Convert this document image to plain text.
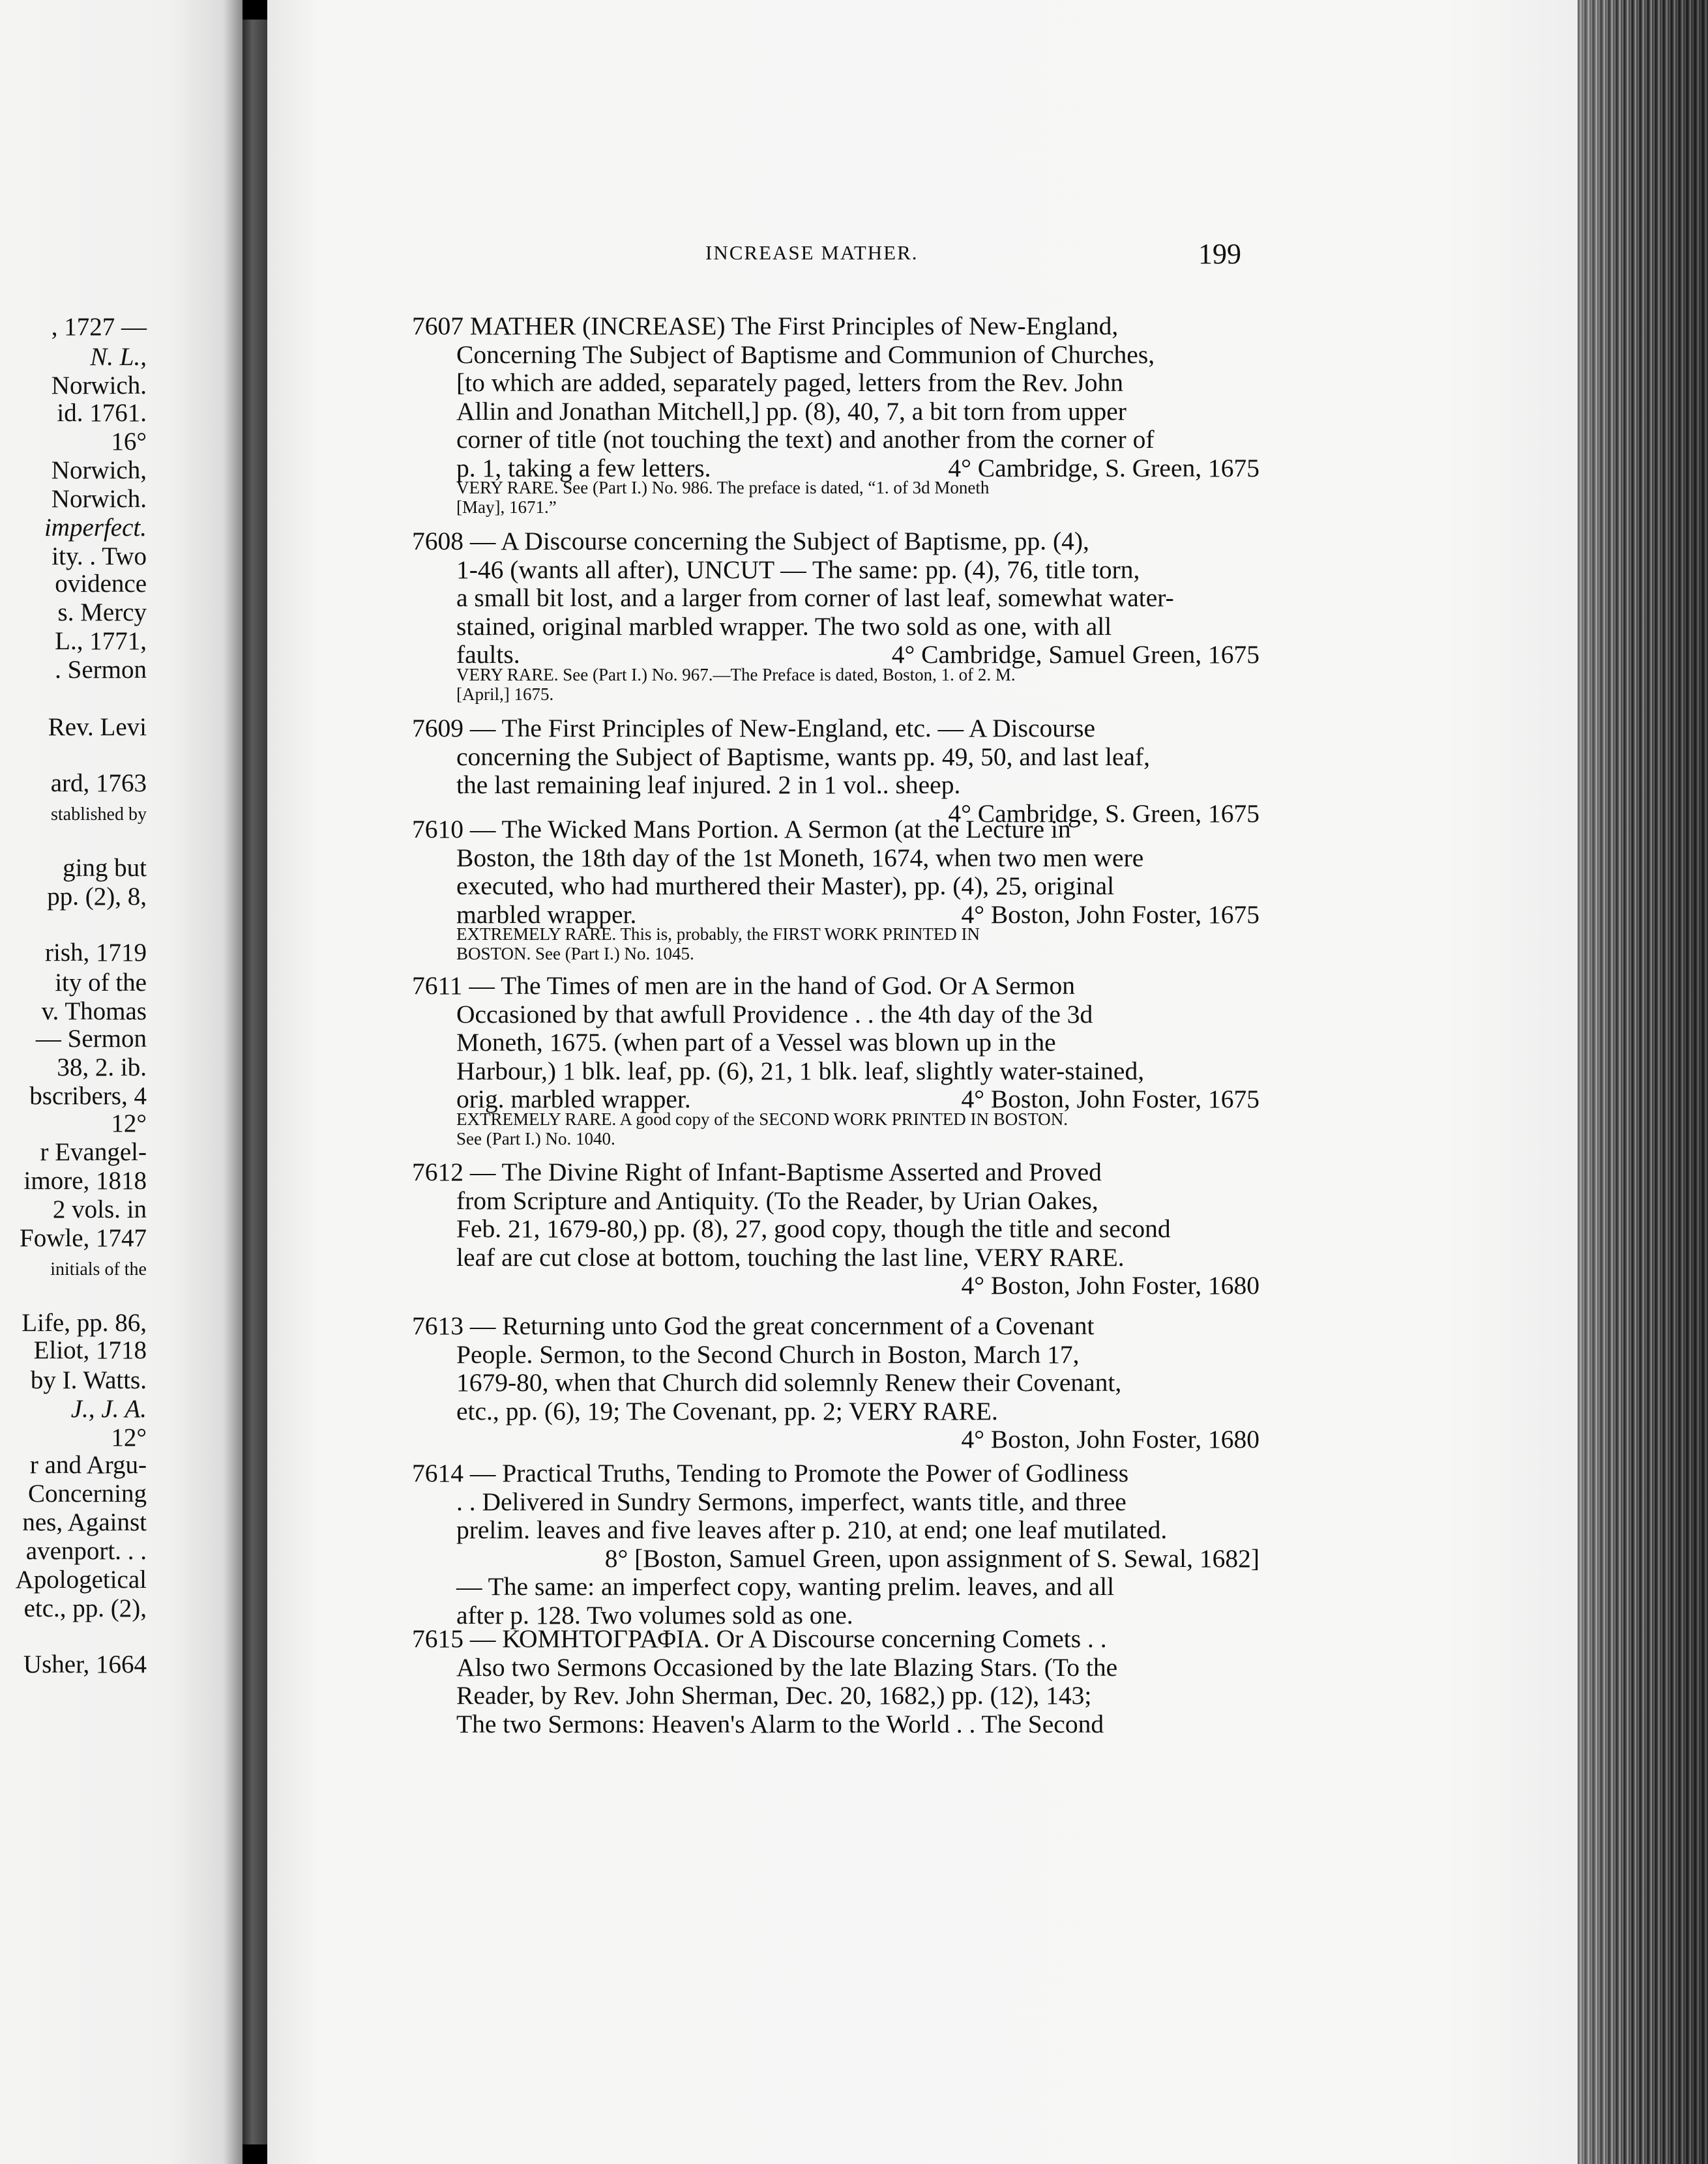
, 1727 —
N. L.,
Norwich.
id. 1761.
16°
Norwich,
Norwich.
imperfect.
ity. . Two
ovidence
s. Mercy
L., 1771,
. Sermon
Rev. Levi
ard, 1763
stablished by
ging but
pp. (2), 8,
rish, 1719
ity of the
v. Thomas
— Sermon
38, 2. ib.
bscribers, 4
12°
r Evangel-
imore, 1818
2 vols. in
Fowle, 1747
initials of the
Life, pp. 86,
Eliot, 1718
by I. Watts.
J., J. A.
12°
r and Argu-
Concerning
nes, Against
avenport. . .
Apologetical
etc., pp. (2),
Usher, 1664
INCREASE MATHER.	199
7607 MATHER (INCREASE) The First Principles of New-England,
Concerning The Subject of Baptisme and Communion of Churches,
[to which are added, separately paged, letters from the Rev. John
Allin and Jonathan Mitchell,] pp. (8), 40, 7, a bit torn from upper
corner of title (not touching the text) and another from the corner of
p. 1, taking a few letters.	4° Cambridge, S. Green, 1675
VERY RARE. See (Part I.) No. 986. The preface is dated, “1. of 3d Moneth
[May], 1671.”
7608 — A Discourse concerning the Subject of Baptisme, pp. (4),
1-46 (wants all after), UNCUT — The same: pp. (4), 76, title torn,
a small bit lost, and a larger from corner of last leaf, somewhat water-
stained, original marbled wrapper. The two sold as one, with all
faults.	4° Cambridge, Samuel Green, 1675
VERY RARE. See (Part I.) No. 967.—The Preface is dated, Boston, 1. of 2. M.
[April,] 1675.
7609 — The First Principles of New-England, etc. — A Discourse
concerning the Subject of Baptisme, wants pp. 49, 50, and last leaf,
the last remaining leaf injured. 2 in 1 vol.. sheep.
4° Cambridge, S. Green, 1675
7610 — The Wicked Mans Portion. A Sermon (at the Lecture in
Boston, the 18th day of the 1st Moneth, 1674, when two men were
executed, who had murthered their Master), pp. (4), 25, original
marbled wrapper.	4° Boston, John Foster, 1675
EXTREMELY RARE. This is, probably, the FIRST WORK PRINTED IN
BOSTON. See (Part I.) No. 1045.
7611 — The Times of men are in the hand of God. Or A Sermon
Occasioned by that awfull Providence . . the 4th day of the 3d
Moneth, 1675. (when part of a Vessel was blown up in the
Harbour,) 1 blk. leaf, pp. (6), 21, 1 blk. leaf, slightly water-stained,
orig. marbled wrapper.	4° Boston, John Foster, 1675
EXTREMELY RARE. A good copy of the SECOND WORK PRINTED IN BOSTON.
See (Part I.) No. 1040.
7612 — The Divine Right of Infant-Baptisme Asserted and Proved
from Scripture and Antiquity. (To the Reader, by Urian Oakes,
Feb. 21, 1679-80,) pp. (8), 27, good copy, though the title and second
leaf are cut close at bottom, touching the last line, VERY RARE.
4° Boston, John Foster, 1680
7613 — Returning unto God the great concernment of a Covenant
People. Sermon, to the Second Church in Boston, March 17,
1679-80, when that Church did solemnly Renew their Covenant,
etc., pp. (6), 19; The Covenant, pp. 2; VERY RARE.
4° Boston, John Foster, 1680
7614 — Practical Truths, Tending to Promote the Power of Godliness
. . Delivered in Sundry Sermons, imperfect, wants title, and three
prelim. leaves and five leaves after p. 210, at end; one leaf mutilated.
8° [Boston, Samuel Green, upon assignment of S. Sewal, 1682]
— The same: an imperfect copy, wanting prelim. leaves, and all
after p. 128. Two volumes sold as one.
7615 — ΚΟΜΗΤΟΓΡΑΦΙΑ. Or A Discourse concerning Comets . .
Also two Sermons Occasioned by the late Blazing Stars. (To the
Reader, by Rev. John Sherman, Dec. 20, 1682,) pp. (12), 143;
The two Sermons: Heaven's Alarm to the World . . The Second
